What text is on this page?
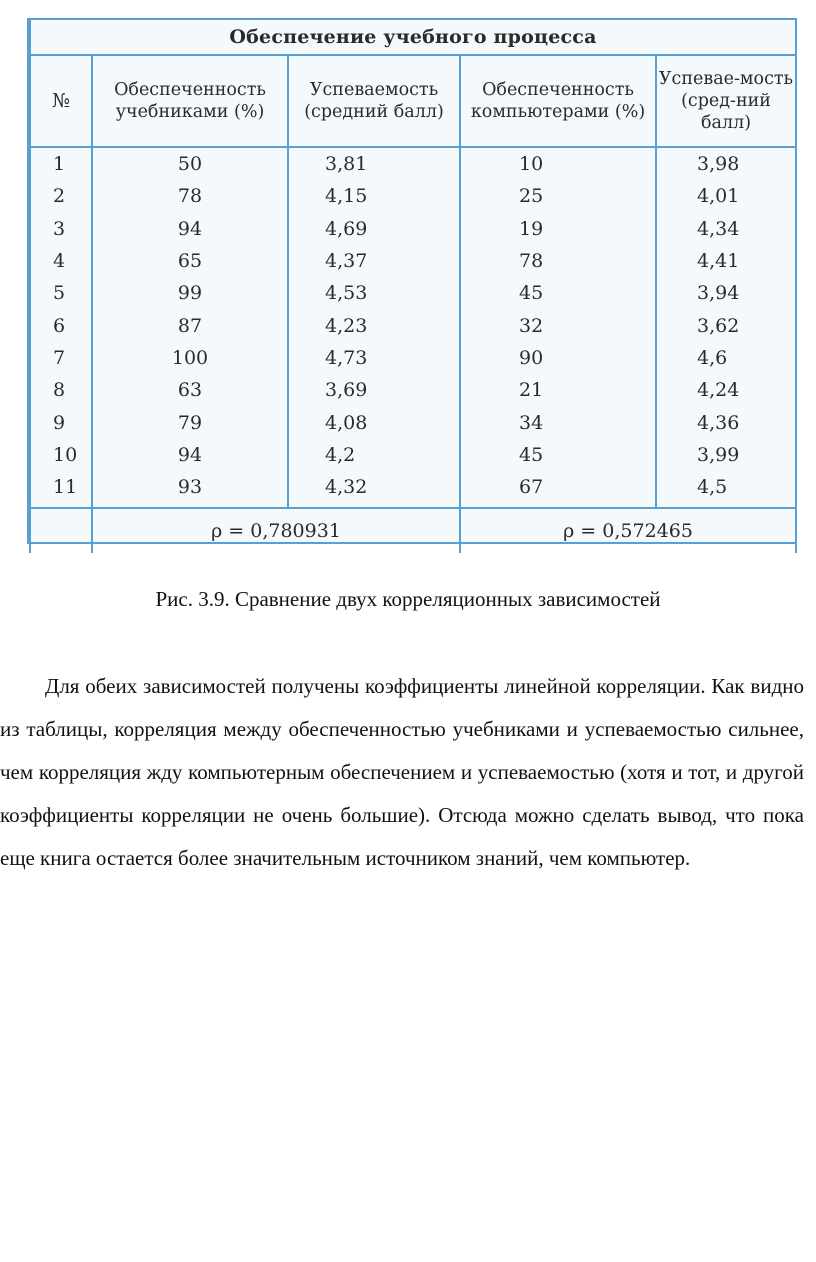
Обеспечение учебного процесса				
№	Обеспеченность учебниками (%)	Успеваемость (средний балл)	Обеспеченность компьютерами (%)	Успевае-мость (сред-ний балл)
1	50	3,81	10	3,98
2	78	4,15	25	4,01
3	94	4,69	19	4,34
4	65	4,37	78	4,41
5	99	4,53	45	3,94
6	87	4,23	32	3,62
7	100	4,73	90	4,6
8	63	3,69	21	4,24
9	79	4,08	34	4,36
10	94	4,2	45	3,99
11	93	4,32	67	4,5
	ρ = 0,780931		ρ = 0,572465	
Рис. 3.9. Сравнение двух корреляционных зависимостей

Для обеих зависимостей получены коэффициенты линейной корреляции. Как видно из таблицы, корреляция между обеспеченностью учебниками и успеваемостью сильнее, чем корреляция жду компьютерным обеспечением и успеваемостью (хотя и тот, и другой коэффициенты корреляции не очень большие). Отсюда можно сделать вывод, что пока еще книга остается более значительным источником знаний, чем компьютер.
